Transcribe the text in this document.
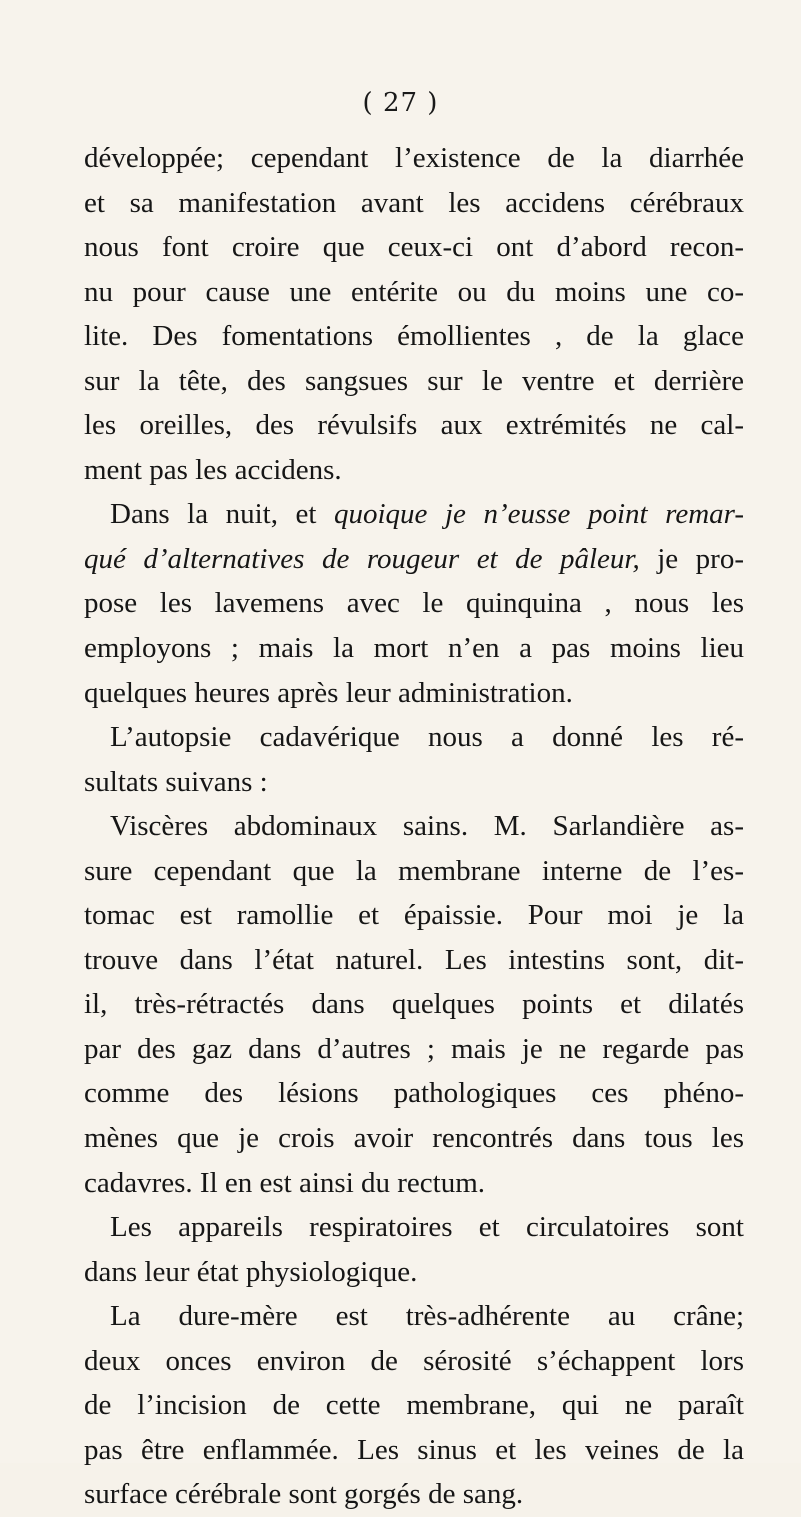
( 27 )
développée; cependant l’existence de la diarrhée
et sa manifestation avant les accidens cérébraux
nous font croire que ceux-ci ont d’abord recon-
nu pour cause une entérite ou du moins une co-
lite. Des fomentations émollientes , de la glace
sur la tête, des sangsues sur le ventre et derrière
les oreilles, des révulsifs aux extrémités ne cal-
ment pas les accidens.
Dans la nuit, et quoique je n’eusse point remar-
qué d’alternatives de rougeur et de pâleur, je pro-
pose les lavemens avec le quinquina , nous les
employons ; mais la mort n’en a pas moins lieu
quelques heures après leur administration.
L’autopsie cadavérique nous a donné les ré-
sultats suivans :
Viscères abdominaux sains. M. Sarlandière as-
sure cependant que la membrane interne de l’es-
tomac est ramollie et épaissie. Pour moi je la
trouve dans l’état naturel. Les intestins sont, dit-
il, très-rétractés dans quelques points et dilatés
par des gaz dans d’autres ; mais je ne regarde pas
comme des lésions pathologiques ces phéno-
mènes que je crois avoir rencontrés dans tous les
cadavres. Il en est ainsi du rectum.
Les appareils respiratoires et circulatoires sont
dans leur état physiologique.
La dure-mère est très-adhérente au crâne;
deux onces environ de sérosité s’échappent lors
de l’incision de cette membrane, qui ne paraît
pas être enflammée. Les sinus et les veines de la
surface cérébrale sont gorgés de sang.
